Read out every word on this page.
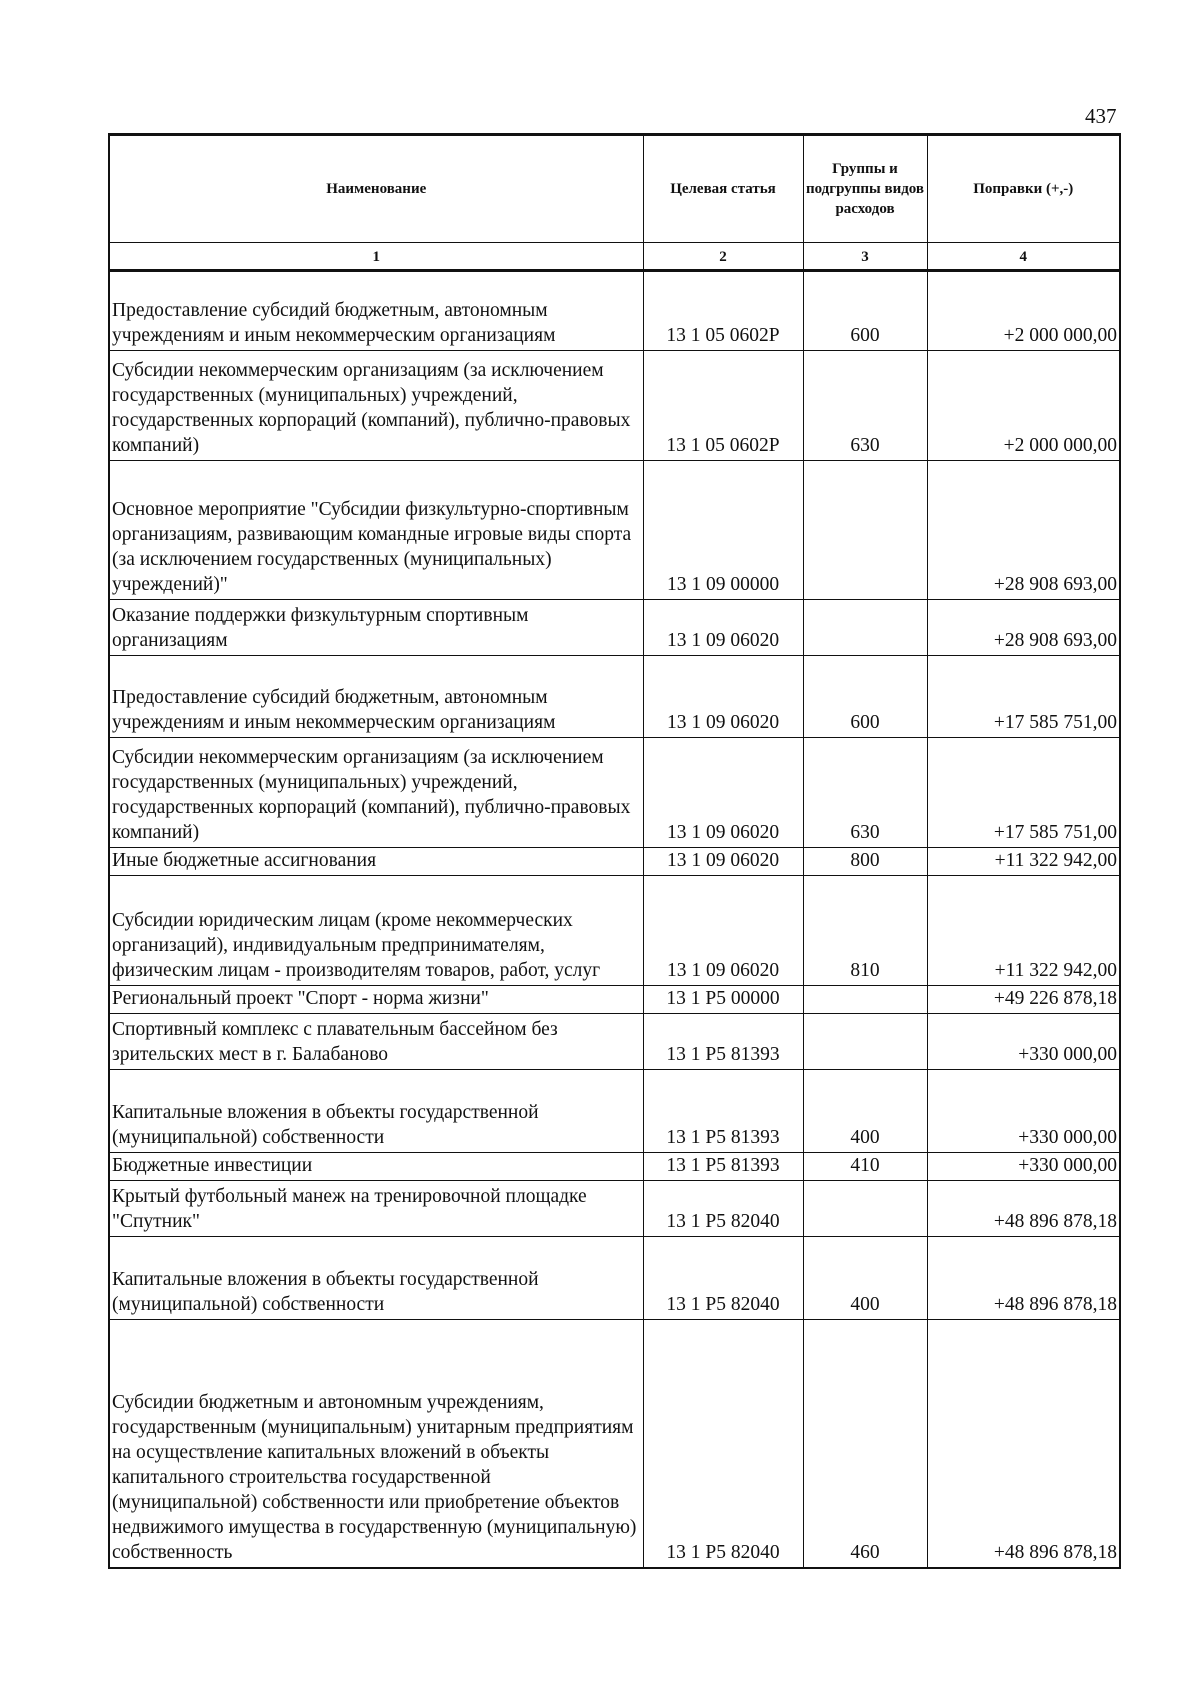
437
Наименование	Целевая статья	Группы и подгруппы видов расходов	Поправки (+,-)
1	2	3	4
Предоставление субсидий бюджетным, автономным учреждениям и иным некоммерческим организациям	13 1 05 0602P	600	+2 000 000,00
Субсидии некоммерческим организациям (за исключением государственных (муниципальных) учреждений, государственных корпораций (компаний), публично-правовых компаний)	13 1 05 0602P	630	+2 000 000,00
Основное мероприятие "Субсидии физкультурно-спортивным организациям, развивающим командные игровые виды спорта (за исключением государственных (муниципальных) учреждений)"	13 1 09 00000		+28 908 693,00
Оказание поддержки физкультурным спортивным организациям	13 1 09 06020		+28 908 693,00
Предоставление субсидий бюджетным, автономным учреждениям и иным некоммерческим организациям	13 1 09 06020	600	+17 585 751,00
Субсидии некоммерческим организациям (за исключением государственных (муниципальных) учреждений, государственных корпораций (компаний), публично-правовых компаний)	13 1 09 06020	630	+17 585 751,00
Иные бюджетные ассигнования	13 1 09 06020	800	+11 322 942,00
Субсидии юридическим лицам (кроме некоммерческих организаций), индивидуальным предпринимателям, физическим лицам - производителям товаров, работ, услуг	13 1 09 06020	810	+11 322 942,00
Региональный проект "Спорт - норма жизни"	13 1 P5 00000		+49 226 878,18
Спортивный комплекс с плавательным бассейном без зрительских мест в г. Балабаново	13 1 P5 81393		+330 000,00
Капитальные вложения в объекты государственной (муниципальной) собственности	13 1 P5 81393	400	+330 000,00
Бюджетные инвестиции	13 1 P5 81393	410	+330 000,00
Крытый футбольный манеж на тренировочной площадке "Спутник"	13 1 P5 82040		+48 896 878,18
Капитальные вложения в объекты государственной (муниципальной) собственности	13 1 P5 82040	400	+48 896 878,18
Субсидии бюджетным и автономным учреждениям, государственным (муниципальным) унитарным предприятиям на осуществление капитальных вложений в объекты капитального строительства государственной (муниципальной) собственности или приобретение объектов недвижимого имущества в государственную (муниципальную) собственность	13 1 P5 82040	460	+48 896 878,18
